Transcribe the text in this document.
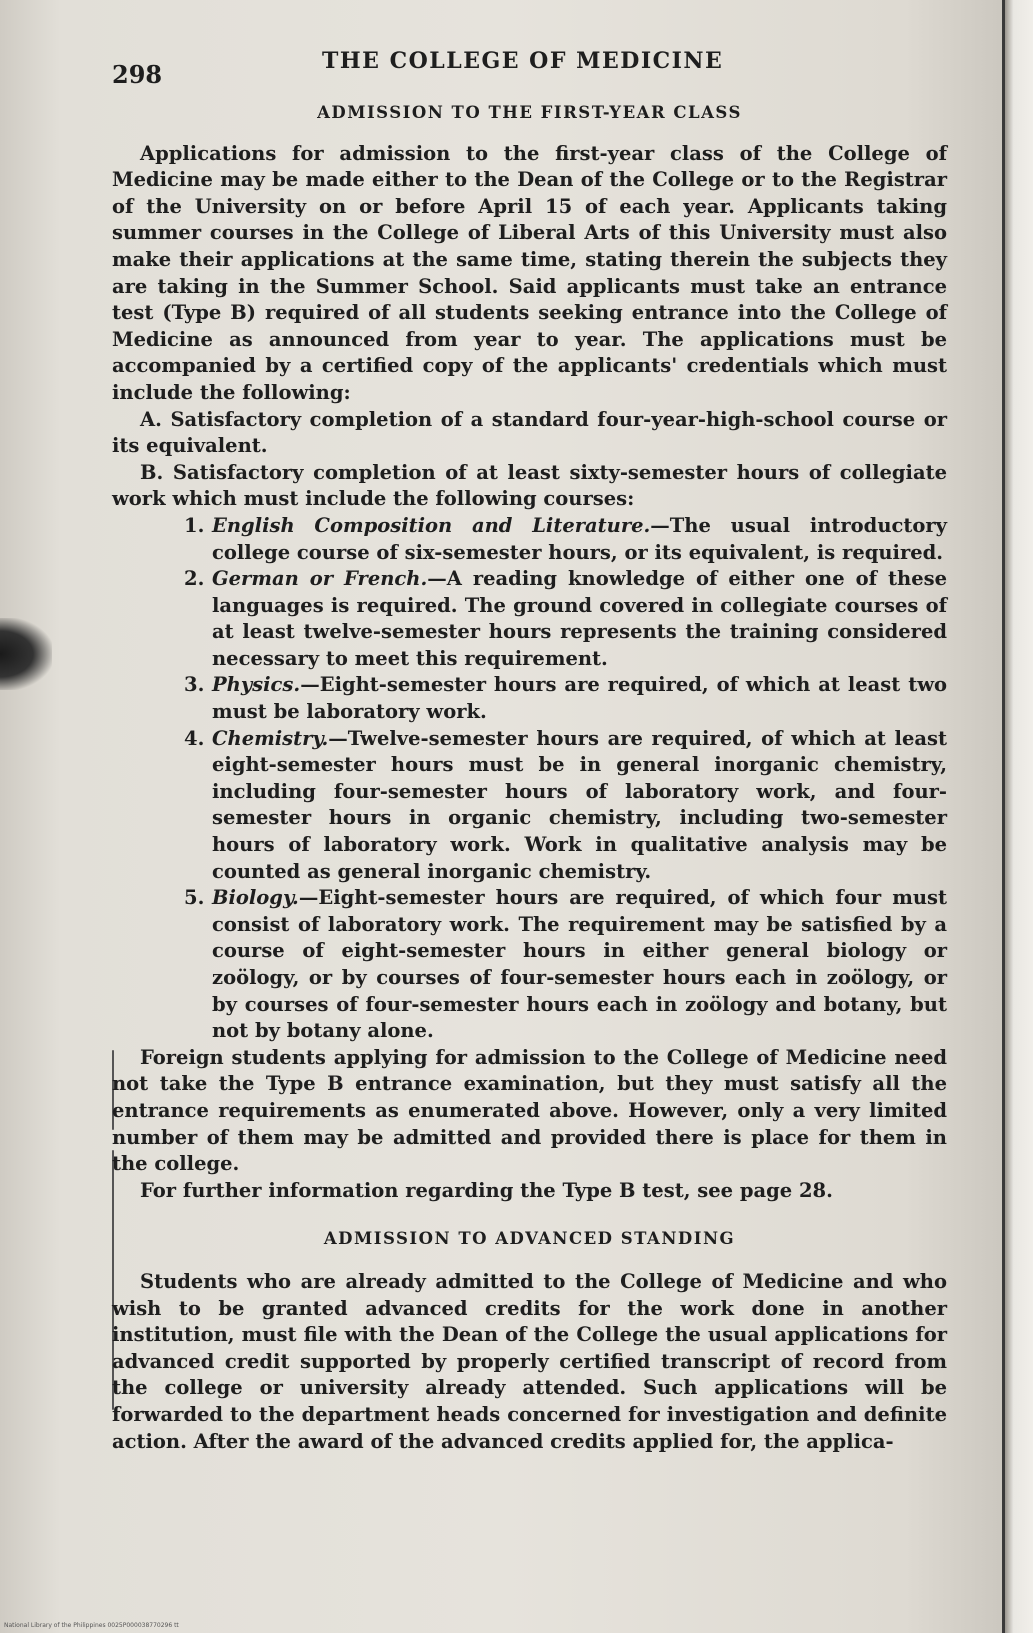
298	THE COLLEGE OF MEDICINE
ADMISSION TO THE FIRST-YEAR CLASS

Applications for admission to the first-year class of the College of Medicine may be made either to the Dean of the College or to the Registrar of the University on or before April 15 of each year. Applicants taking summer courses in the College of Liberal Arts of this University must also make their applications at the same time, stating therein the subjects they are taking in the Summer School. Said applicants must take an entrance test (Type B) required of all students seeking entrance into the College of Medicine as announced from year to year. The applications must be accompanied by a certified copy of the applicants' credentials which must include the following:

A. Satisfactory completion of a standard four-year-high-school course or its equivalent.

B. Satisfactory completion of at least sixty-semester hours of collegiate work which must include the following courses:

1. English Composition and Literature.—The usual introductory college course of six-semester hours, or its equivalent, is required.
2. German or French.—A reading knowledge of either one of these languages is required. The ground covered in collegiate courses of at least twelve-semester hours represents the training considered necessary to meet this requirement.
3. Physics.—Eight-semester hours are required, of which at least two must be laboratory work.
4. Chemistry.—Twelve-semester hours are required, of which at least eight-semester hours must be in general inorganic chemistry, including four-semester hours of laboratory work, and four-semester hours in organic chemistry, including two-semester hours of laboratory work. Work in qualitative analysis may be counted as general inorganic chemistry.
5. Biology.—Eight-semester hours are required, of which four must consist of laboratory work. The requirement may be satisfied by a course of eight-semester hours in either general biology or zoölogy, or by courses of four-semester hours each in zoölogy, or by courses of four-semester hours each in zoölogy and botany, but not by botany alone.

Foreign students applying for admission to the College of Medicine need not take the Type B entrance examination, but they must satisfy all the entrance requirements as enumerated above. However, only a very limited number of them may be admitted and provided there is place for them in the college.

For further information regarding the Type B test, see page 28.

ADMISSION TO ADVANCED STANDING

Students who are already admitted to the College of Medicine and who wish to be granted advanced credits for the work done in another institution, must file with the Dean of the College the usual applications for advanced credit supported by properly certified transcript of record from the college or university already attended. Such applications will be forwarded to the department heads concerned for investigation and definite action. After the award of the advanced credits applied for, the applica-

National Library of the Philippines 0025P000038770296 tt
